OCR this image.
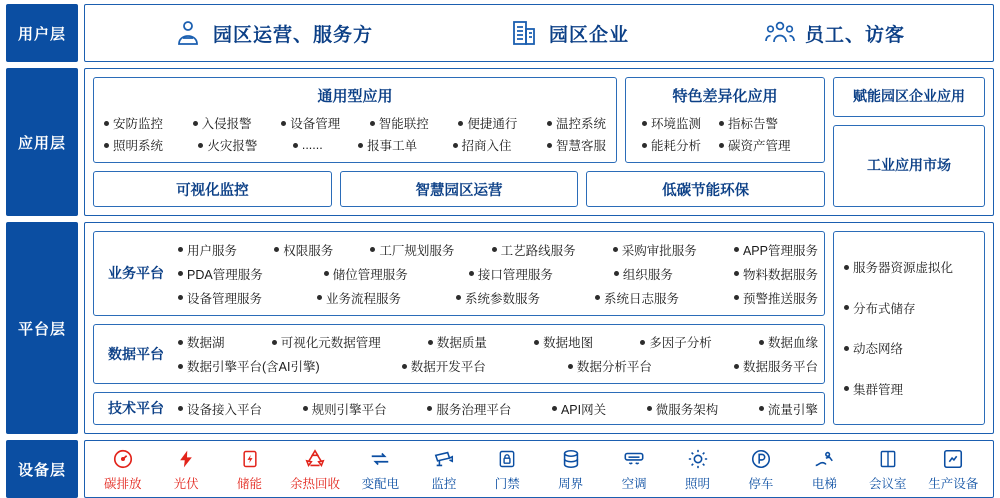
用户层	园区运营、服务方	园区企业	员工、访客
应用层
通用型应用
安防监控	入侵报警	设备管理	智能联控	便捷通行	温控系统
照明系统	火灾报警	......	报事工单	招商入住	智慧客服
特色差异化应用
环境监测	指标告警
能耗分析	碳资产管理
可视化监控	智慧园区运营	低碳节能环保
赋能园区企业应用
工业应用市场
平台层
业务平台
用户服务	权限服务	工厂规划服务	工艺路线服务	采购审批服务	APP管理服务
PDA管理服务	储位管理服务	接口管理服务	组织服务	物料数据服务
设备管理服务	业务流程服务	系统参数服务	系统日志服务	预警推送服务
数据平台
数据湖	可视化元数据管理	数据质量	数据地图	多因子分析	数据血缘
数据引擎平台(含AI引擎)	数据开发平台	数据分析平台	数据服务平台
技术平台	设备接入平台	规则引擎平台	服务治理平台	API网关	微服务架构	流量引擎
服务器资源虚拟化
分布式储存
动态网络
集群管理
设备层
碳排放	光伏	储能 余热回收 变配电	监控	门禁	周界	空调	照明	停车	电梯	会议室 生产设备
